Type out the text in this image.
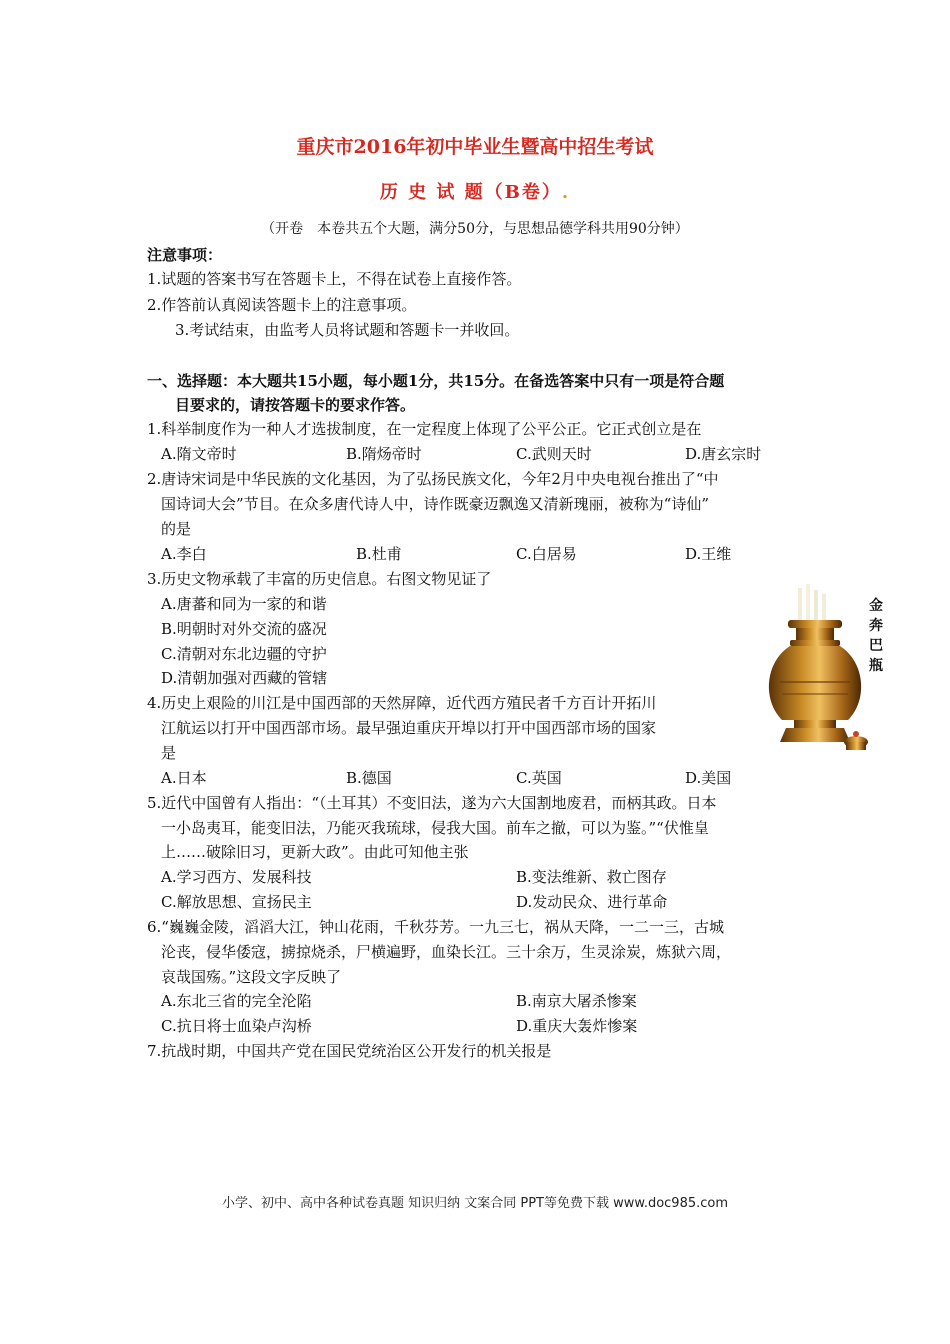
重庆市2016年初中毕业生暨高中招生考试
历 史 试 题（B卷）.
（开卷　本卷共五个大题，满分50分，与思想品德学科共用90分钟）
注意事项：
1.试题的答案书写在答题卡上，不得在试卷上直接作答。
2.作答前认真阅读答题卡上的注意事项。
3.考试结束，由监考人员将试题和答题卡一并收回。
一、选择题：本大题共15小题，每小题1分，共15分。在备选答案中只有一项是符合题
目要求的，请按答题卡的要求作答。
1.科举制度作为一种人才选拔制度，在一定程度上体现了公平公正。它正式创立是在
A.隋文帝时	B.隋炀帝时	C.武则天时	D.唐玄宗时
2.唐诗宋词是中华民族的文化基因，为了弘扬民族文化，今年2月中央电视台推出了“中
国诗词大会”节目。在众多唐代诗人中，诗作既豪迈飘逸又清新瑰丽，被称为“诗仙”
的是
A.李白	B.杜甫	C.白居易	D.王维
3.历史文物承载了丰富的历史信息。右图文物见证了
A.唐蕃和同为一家的和谐
B.明朝时对外交流的盛况
C.清朝对东北边疆的守护
D.清朝加强对西藏的管辖
金奔巴瓶
4.历史上艰险的川江是中国西部的天然屏障，近代西方殖民者千方百计开拓川
江航运以打开中国西部市场。最早强迫重庆开埠以打开中国西部市场的国家
是
A.日本	B.德国	C.英国	D.美国
5.近代中国曾有人指出：“（土耳其）不变旧法，遂为六大国割地废君，而柄其政。日本
一小岛夷耳，能变旧法，乃能灭我琉球，侵我大国。前车之撤，可以为鉴。”“伏惟皇
上……破除旧习，更新大政”。由此可知他主张
A.学习西方、发展科技	B.变法维新、救亡图存
C.解放思想、宣扬民主	D.发动民众、进行革命
6.“巍巍金陵，滔滔大江，钟山花雨，千秋芬芳。一九三七，祸从天降，一二一三，古城
沦丧，侵华倭寇，掳掠烧杀，尸横遍野，血染长江。三十余万，生灵涂炭，炼狱六周，
哀哉国殇。”这段文字反映了
A.东北三省的完全沦陷	B.南京大屠杀惨案
C.抗日将士血染卢沟桥	D.重庆大轰炸惨案
7.抗战时期，中国共产党在国民党统治区公开发行的机关报是
小学、初中、高中各种试卷真题 知识归纳 文案合同 PPT等免费下载 www.doc985.com
